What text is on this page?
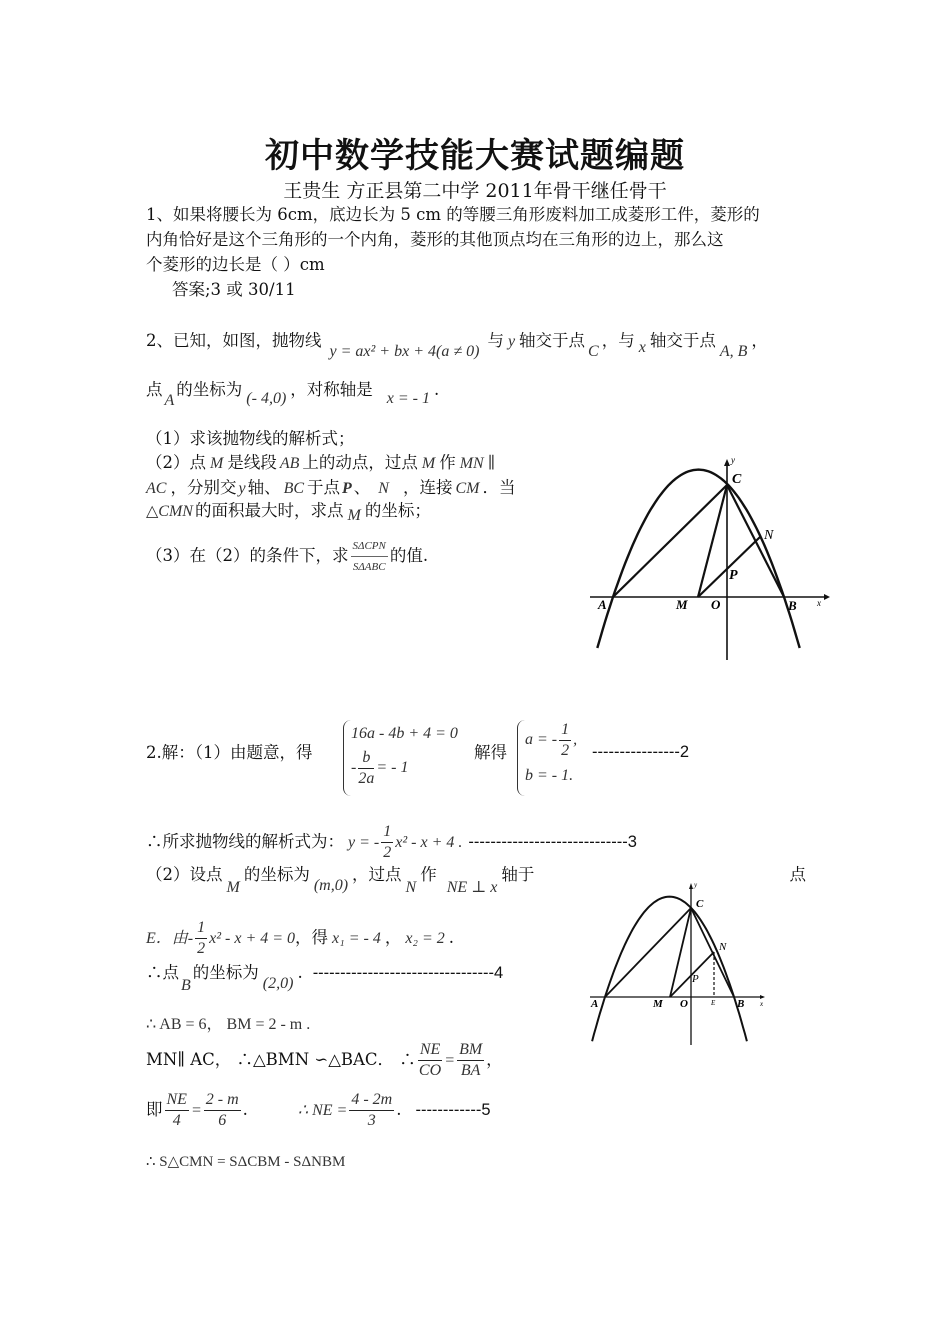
初中数学技能大赛试题编题
王贵生 方正县第二中学 2011年骨干继任骨干
1、如果将腰长为 6cm，底边长为 5 cm 的等腰三角形废料加工成菱形工件，菱形的
内角恰好是这个三角形的一个内角，菱形的其他顶点均在三角形的边上，那么这
个菱形的边长是（ ）cm
答案;3 或 30/11
2、已知，如图，抛物线y = ax² + bx + 4(a ≠ 0)与 y 轴交于点C，与 x 轴交于点A, B，
点A的坐标为 (- 4,0) ，对称轴是 x = - 1 .
（1）求该抛物线的解析式；
（2）点 M 是线段 AB 上的动点，过点 M 作 MN ∥
AC ，分别交 y 轴、 BC 于点 P 、 N ，连接 CM ．当
△CMN 的面积最大时，求点 M 的坐标；
（3）在（2）的条件下，求 $\frac{\text{SΔCPN}}{\text{SΔABC}}$ 的值.
C
N
P
A	M O	B x
y
2.解：（1）由题意，得
16a - 4b + 4 = 0
- $\frac{b}{2a}$ = - 1
解得
a = - $\frac{1}{2}$ ,
b = - 1.
----------------2
∴所求抛物线的解析式为： y = - $\frac{1}{2} x^2 - x + 4$ . -----------------------------3
（2）设点M的坐标为(m,0)，过点N作NE ⊥ x轴于	点
E．由- $\frac{1}{2} x^2 - x + 4 = 0$，得 x₁ = - 4 ， x₂ = 2 .
∴点B的坐标为(2,0). ---------------------------------4
∴ AB = 6， BM = 2 - m .
MN∥ AC， ∴△BMN ∽△BAC． ∴ $\frac{NE}{CO} = \frac{BM}{BA}$ ，
即 $\frac{NE}{4} = \frac{2 - m}{6}$ .	∴ NE = $\frac{4 - 2m}{3}$ . ------------5
∴ S△CMN = SΔCBM - SΔNBM
C
N
P
A	M O	E B x
y
